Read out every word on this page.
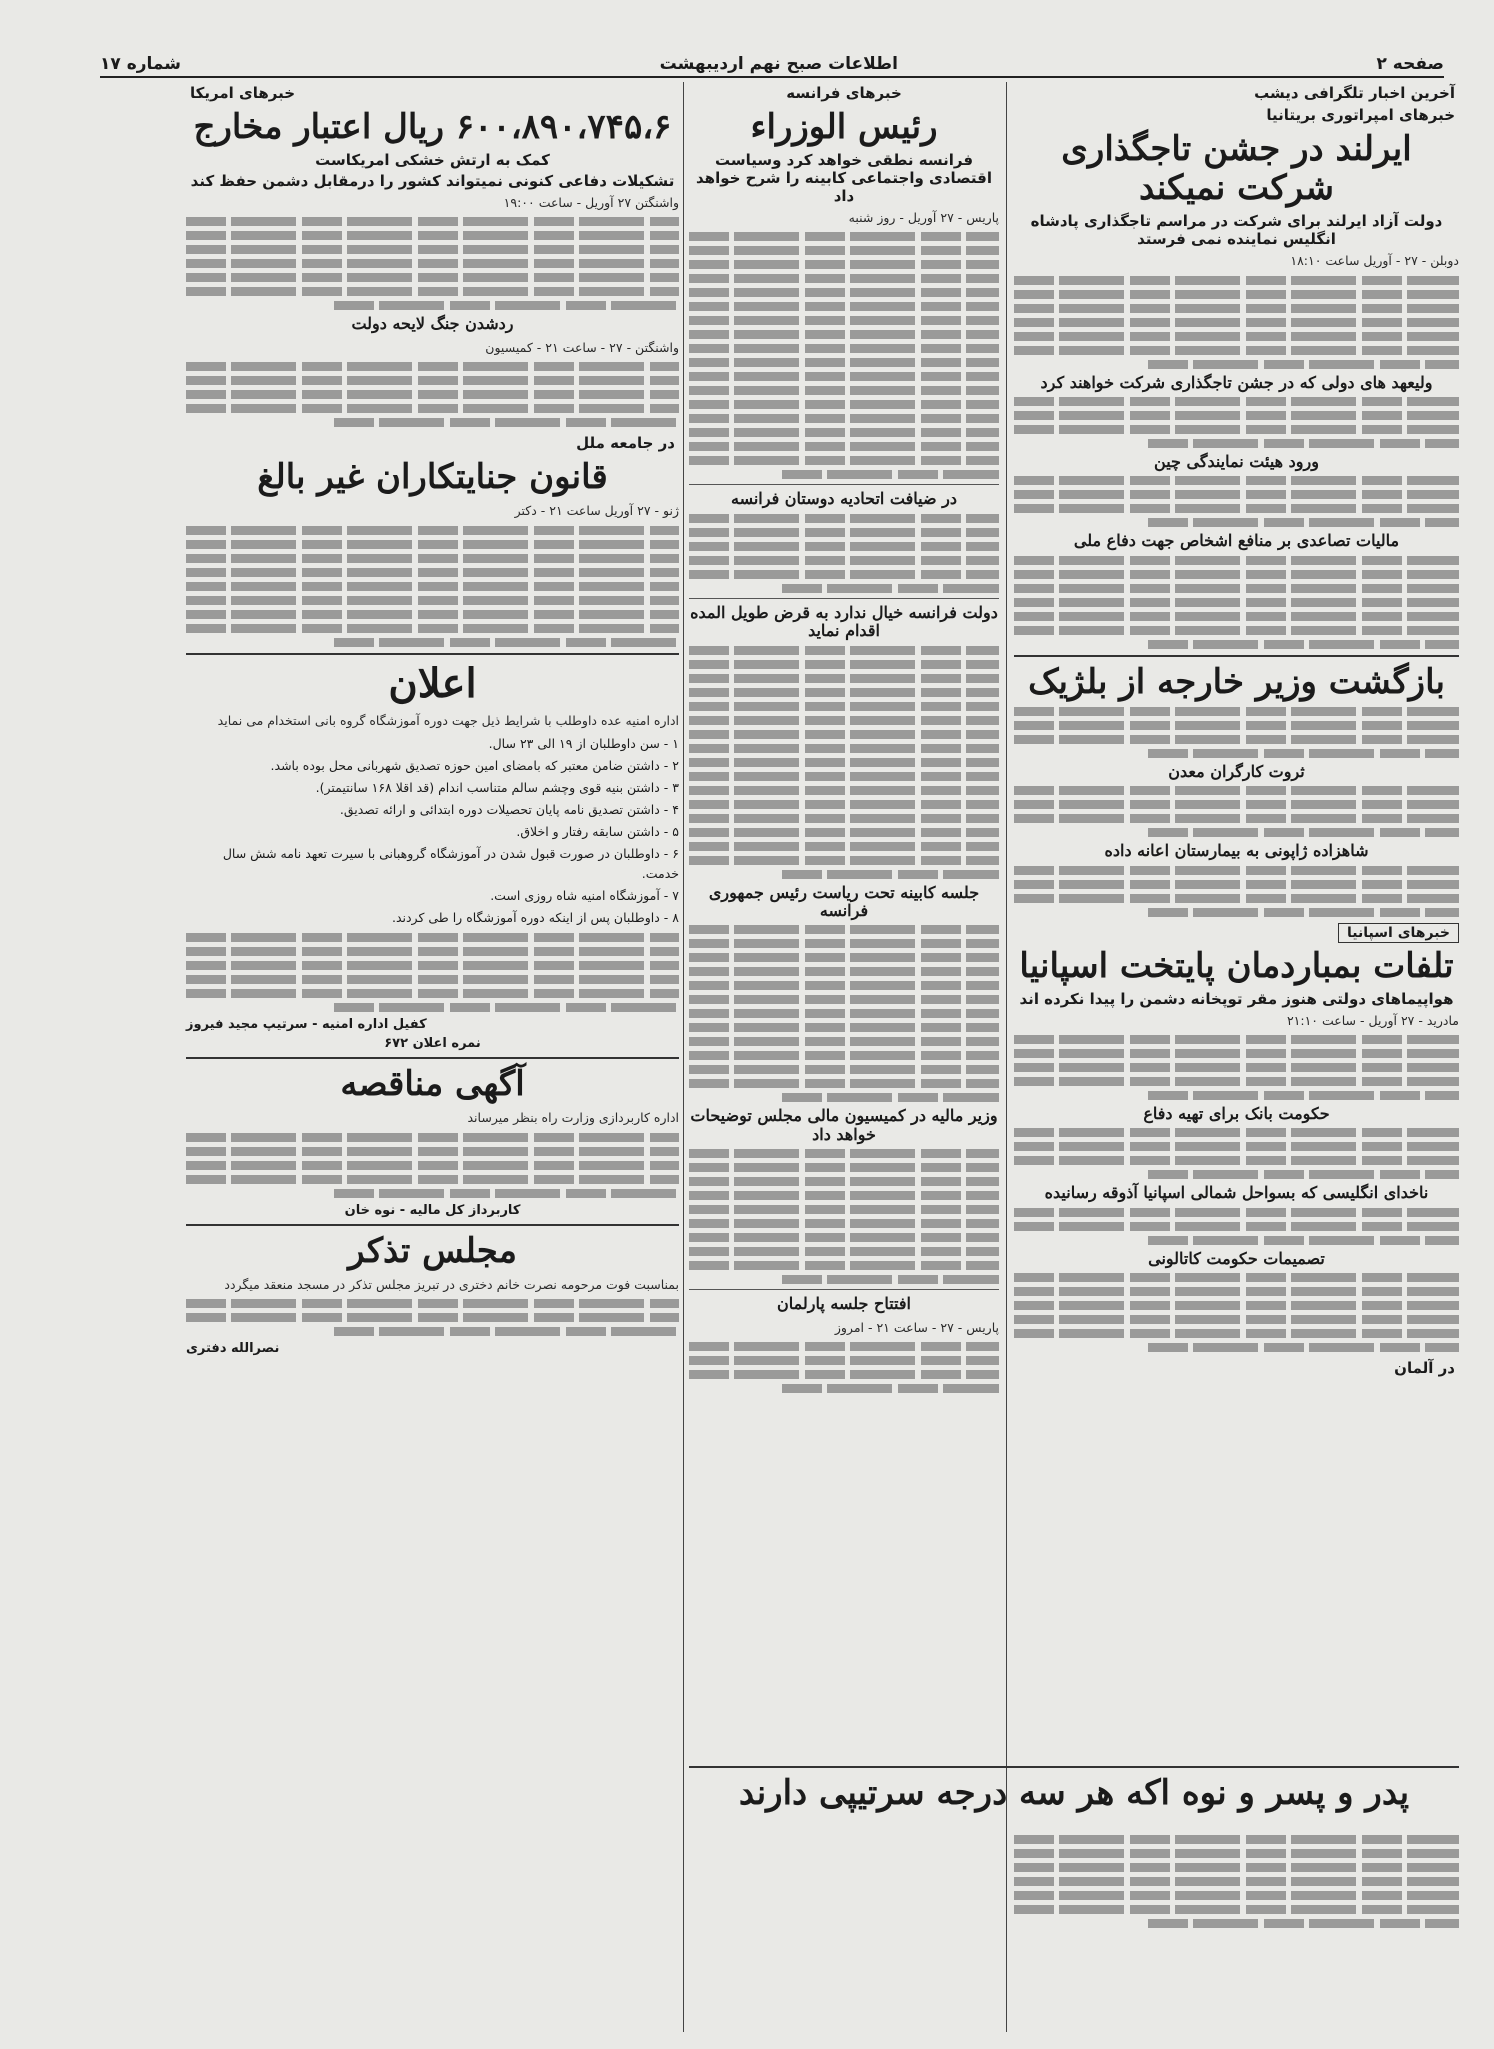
صفحه ۲
اطلاعات صبح نهم اردیبهشت
شماره ۱۷
آخرین اخبار تلگرافی دیشب
خبرهای امپراتوری بریتانیا
ایرلند در جشن تاجگذاری شرکت نمیکند
دولت آزاد ایرلند برای شرکت در مراسم تاجگذاری پادشاه انگلیس نماینده نمی فرستد

دوبلن - ۲۷ - آوریل ساعت ۱۸:۱۰

ولیعهد های دولی که در جشن تاجگذاری شرکت خواهند کرد
ورود هیئت نمایندگی چین
مالیات تصاعدی بر منافع اشخاص جهت دفاع ملی
بازگشت وزیر خارجه از بلژیک
ثروت کارگران معدن
شاهزاده ژاپونی به بیمارستان اعانه داده
خبرهای اسپانیا
تلفات بمباردمان پایتخت اسپانیا
هواپیماهای دولتی هنوز مقر توپخانه دشمن را پیدا نکرده اند

مادرید - ۲۷ آوریل - ساعت ۲۱:۱۰

حکومت بانک برای تهیه دفاع
ناخدای انگلیسی که بسواحل شمالی اسپانیا آذوقه رسانیده
تصمیمات حکومت کاتالونی
در آلمان
پدر و پسر و نوه اکه هر سه درجه سرتیپی دارند
خبرهای فرانسه
رئیس الوزراء
فرانسه نطقی خواهد کرد وسیاست اقتصادی واجتماعی کابینه را شرح خواهد داد

پاریس - ۲۷ آوریل - روز شنبه

در ضیافت اتحادیه دوستان فرانسه
دولت فرانسه خیال ندارد به قرض طویل المده اقدام نماید
جلسه کابینه تحت ریاست رئیس جمهوری فرانسه
وزیر مالیه در کمیسیون مالی مجلس توضیحات خواهد داد
افتتاح جلسه پارلمان

پاریس - ۲۷ - ساعت ۲۱ - امروز

خبرهای امریکا
۶۰۰،۸۹۰،۷۴۵،۶ ریال اعتبار مخارج
کمک به ارتش خشکی امریکاست
تشکیلات دفاعی کنونی نمیتواند کشور را درمقابل دشمن حفظ کند

واشنگتن ۲۷ آوریل - ساعت ۱۹:۰۰

ردشدن جنگ لایحه دولت

واشنگتن - ۲۷ - ساعت ۲۱ - کمیسیون

در جامعه ملل
قانون جنایتکاران غیر بالغ

ژنو - ۲۷ آوریل ساعت ۲۱ - دکتر

اعلان

اداره امنیه عده داوطلب با شرایط ذیل جهت دوره آموزشگاه گروه بانی استخدام می نماید

۱ - سن داوطلبان از ۱۹ الی ۲۳ سال.
۲ - داشتن ضامن معتبر که بامضای امین حوزه تصدیق شهربانی محل بوده باشد.
۳ - داشتن بنیه قوی وچشم سالم متناسب اندام (قد اقلا ۱۶۸ سانتیمتر).
۴ - داشتن تصدیق نامه پایان تحصیلات دوره ابتدائی و ارائه تصدیق.
۵ - داشتن سابقه رفتار و اخلاق.
۶ - داوطلبان در صورت قبول شدن در آموزشگاه گروهبانی با سیرت تعهد نامه شش سال خدمت.
۷ - آموزشگاه امنیه شاه روزی است.
۸ - داوطلبان پس از اینکه دوره آموزشگاه را طی کردند.
کفیل اداره امنیه - سرتیپ مجید فیروز
نمره اعلان ۶۷۲
آگهی مناقصه

اداره کاربردازی وزارت راه بنظر میرساند

کاربرداز کل مالیه - نوه خان
مجلس تذکر

بمناسبت فوت مرحومه نصرت خانم دختری در تبریز مجلس تذکر در مسجد منعقد میگردد

نصرالله دفتری
